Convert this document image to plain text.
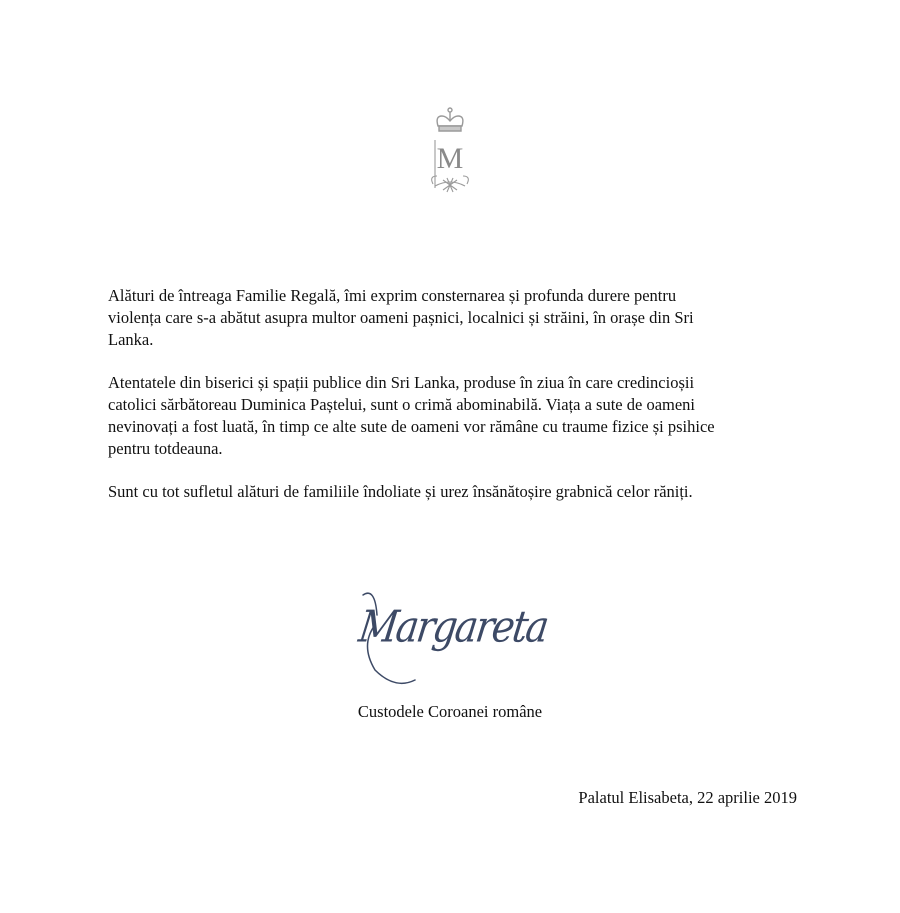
M

Alături de întreaga Familie Regală, îmi exprim consternarea și profunda durere pentru
violența care s-a abătut asupra multor oameni pașnici, localnici și străini, în orașe din Sri
Lanka.

Atentatele din biserici și spații publice din Sri Lanka, produse în ziua în care credincioșii
catolici sărbătoreau Duminica Paștelui, sunt o crimă abominabilă. Viața a sute de oameni
nevinovați a fost luată, în timp ce alte sute de oameni vor rămâne cu traume fizice și psihice
pentru totdeauna.

Sunt cu tot sufletul alături de familiile îndoliate și urez însănătoșire grabnică celor răniți.

Margareta
Custodele Coroanei române
Palatul Elisabeta, 22 aprilie 2019
